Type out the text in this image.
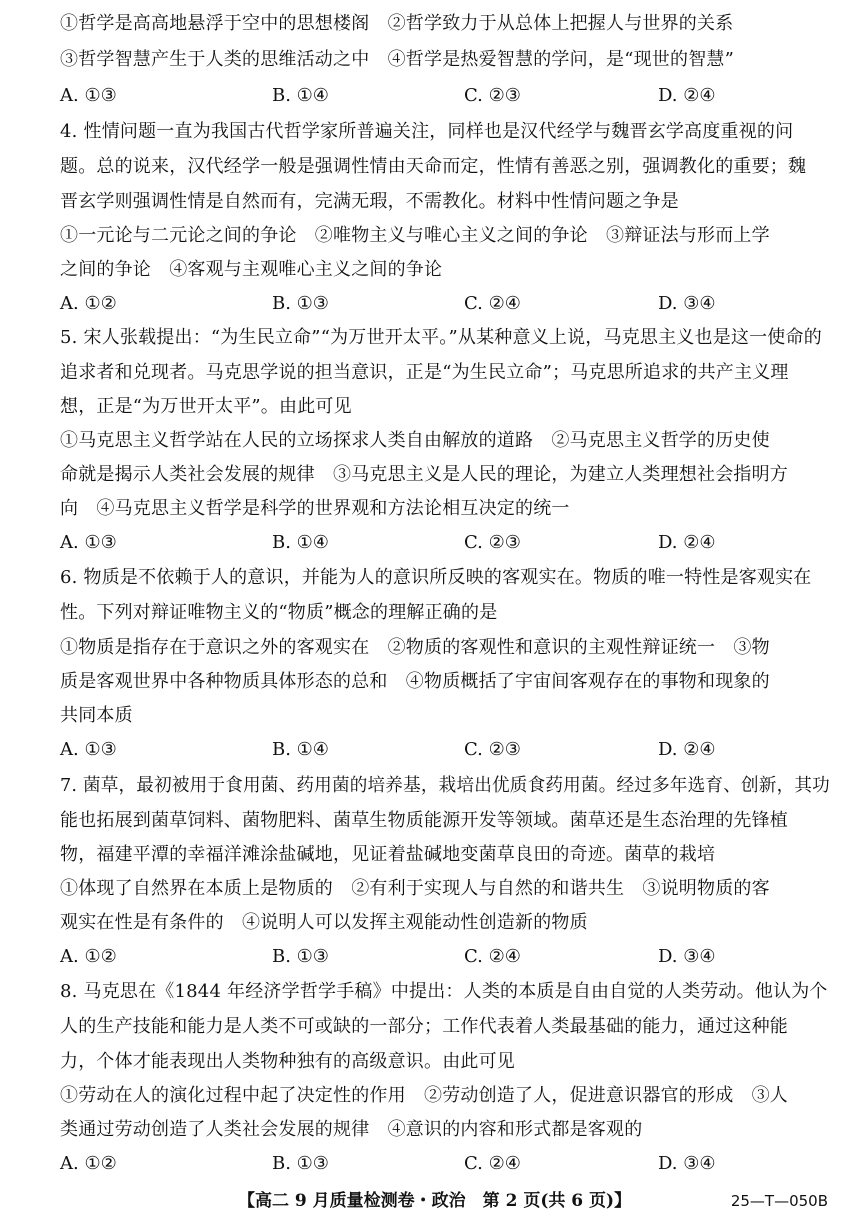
①哲学是高高地悬浮于空中的思想楼阁　②哲学致力于从总体上把握人与世界的关系
③哲学智慧产生于人类的思维活动之中　④哲学是热爱智慧的学问，是“现世的智慧”
A. ①③	B. ①④	C. ②③	D. ②④
4. 性情问题一直为我国古代哲学家所普遍关注，同样也是汉代经学与魏晋玄学高度重视的问
题。总的说来，汉代经学一般是强调性情由天命而定，性情有善恶之别，强调教化的重要；魏
晋玄学则强调性情是自然而有，完满无瑕，不需教化。材料中性情问题之争是
①一元论与二元论之间的争论　②唯物主义与唯心主义之间的争论　③辩证法与形而上学
之间的争论　④客观与主观唯心主义之间的争论
A. ①②	B. ①③	C. ②④	D. ③④
5. 宋人张载提出：“为生民立命”“为万世开太平。”从某种意义上说，马克思主义也是这一使命的
追求者和兑现者。马克思学说的担当意识，正是“为生民立命”；马克思所追求的共产主义理
想，正是“为万世开太平”。由此可见
①马克思主义哲学站在人民的立场探求人类自由解放的道路　②马克思主义哲学的历史使
命就是揭示人类社会发展的规律　③马克思主义是人民的理论，为建立人类理想社会指明方
向　④马克思主义哲学是科学的世界观和方法论相互决定的统一
A. ①③	B. ①④	C. ②③	D. ②④
6. 物质是不依赖于人的意识，并能为人的意识所反映的客观实在。物质的唯一特性是客观实在
性。下列对辩证唯物主义的“物质”概念的理解正确的是
①物质是指存在于意识之外的客观实在　②物质的客观性和意识的主观性辩证统一　③物
质是客观世界中各种物质具体形态的总和　④物质概括了宇宙间客观存在的事物和现象的
共同本质
A. ①③	B. ①④	C. ②③	D. ②④
7. 菌草，最初被用于食用菌、药用菌的培养基，栽培出优质食药用菌。经过多年选育、创新，其功
能也拓展到菌草饲料、菌物肥料、菌草生物质能源开发等领域。菌草还是生态治理的先锋植
物，福建平潭的幸福洋滩涂盐碱地，见证着盐碱地变菌草良田的奇迹。菌草的栽培
①体现了自然界在本质上是物质的　②有利于实现人与自然的和谐共生　③说明物质的客
观实在性是有条件的　④说明人可以发挥主观能动性创造新的物质
A. ①②	B. ①③	C. ②④	D. ③④
8. 马克思在《1844 年经济学哲学手稿》中提出：人类的本质是自由自觉的人类劳动。他认为个
人的生产技能和能力是人类不可或缺的一部分；工作代表着人类最基础的能力，通过这种能
力，个体才能表现出人类物种独有的高级意识。由此可见
①劳动在人的演化过程中起了决定性的作用　②劳动创造了人，促进意识器官的形成　③人
类通过劳动创造了人类社会发展的规律　④意识的内容和形式都是客观的
A. ①②	B. ①③	C. ②④	D. ③④
【高二 9 月质量检测卷・政治　第 2 页(共 6 页)】	25—T—050B
